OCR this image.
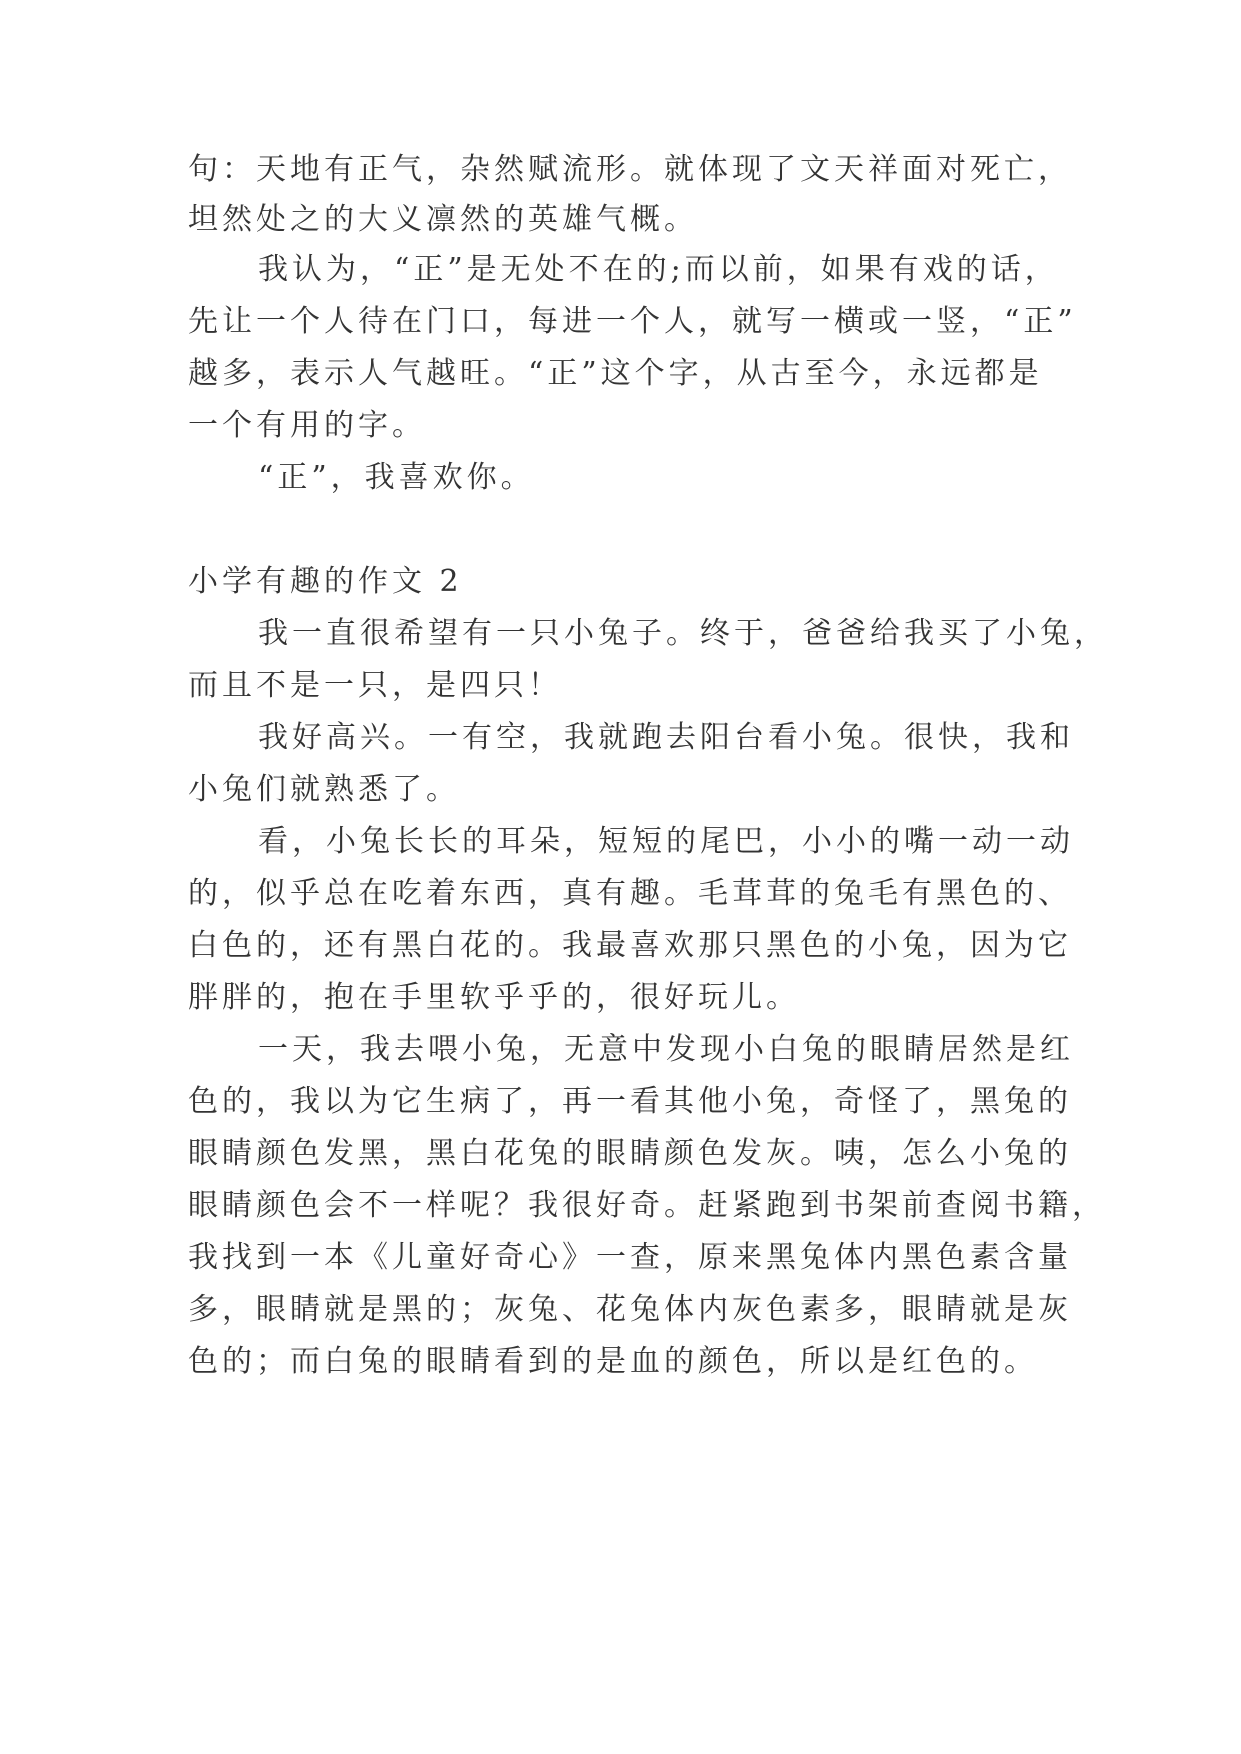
句：天地有正气，杂然赋流形。就体现了文天祥面对死亡，

坦然处之的大义凛然的英雄气概。

我认为，“正”是无处不在的;而以前，如果有戏的话，

先让一个人待在门口，每进一个人，就写一横或一竖，“正”

越多，表示人气越旺。“正”这个字，从古至今，永远都是

一个有用的字。

“正”，我喜欢你。

小学有趣的作文 2

我一直很希望有一只小兔子。终于，爸爸给我买了小兔，

而且不是一只，是四只！

我好高兴。一有空，我就跑去阳台看小兔。很快，我和

小兔们就熟悉了。

看，小兔长长的耳朵，短短的尾巴，小小的嘴一动一动

的，似乎总在吃着东西，真有趣。毛茸茸的兔毛有黑色的、

白色的，还有黑白花的。我最喜欢那只黑色的小兔，因为它

胖胖的，抱在手里软乎乎的，很好玩儿。

一天，我去喂小兔，无意中发现小白兔的眼睛居然是红

色的，我以为它生病了，再一看其他小兔，奇怪了，黑兔的

眼睛颜色发黑，黑白花兔的眼睛颜色发灰。咦，怎么小兔的

眼睛颜色会不一样呢？我很好奇。赶紧跑到书架前查阅书籍，

我找到一本《儿童好奇心》一查，原来黑兔体内黑色素含量

多，眼睛就是黑的；灰兔、花兔体内灰色素多，眼睛就是灰

色的；而白兔的眼睛看到的是血的颜色，所以是红色的。
